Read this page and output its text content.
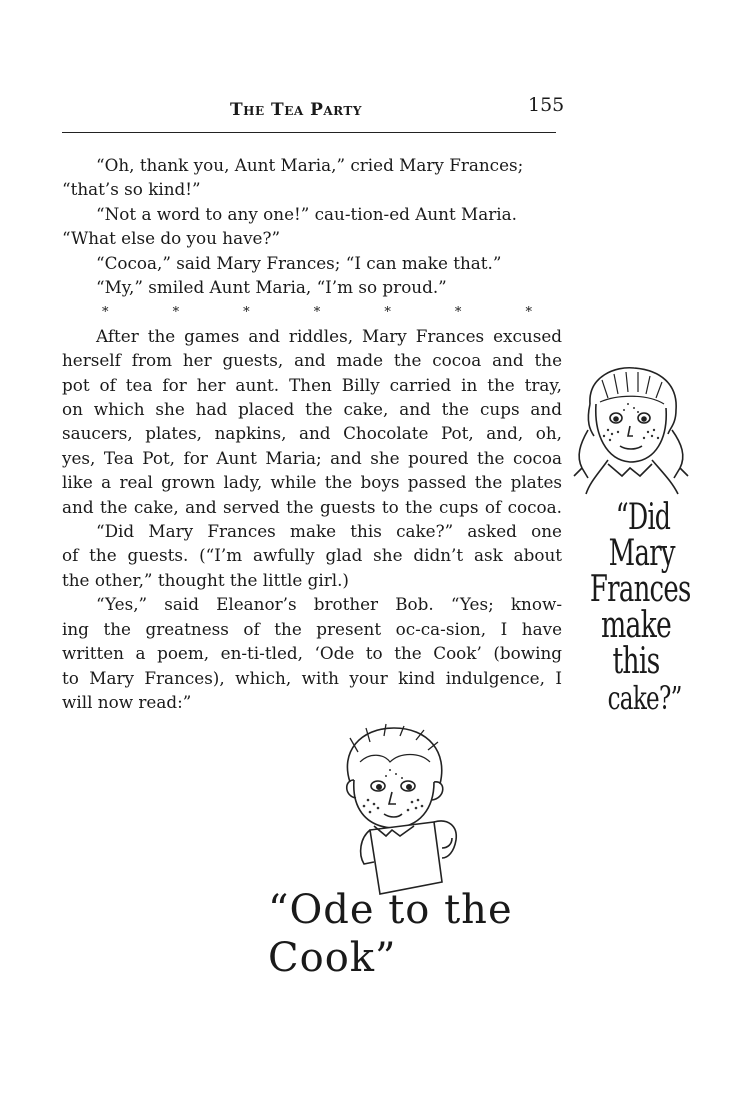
The Tea Party	155
“Oh, thank you, Aunt Maria,” cried Mary Frances;
“that’s so kind!”
“Not a word to any one!” cau-tion-ed Aunt Maria.
“What else do you have?”
“Cocoa,” said Mary Frances; “I can make that.”
“My,” smiled Aunt Maria, “I’m so proud.”
*	*	*	*	*	*	*
After the games and riddles, Mary Frances excused
herself from her guests, and made the cocoa and the
pot of tea for her aunt. Then Billy carried in the tray,
on which she had placed the cake, and the cups and
saucers, plates, napkins, and Chocolate Pot, and, oh,
yes, Tea Pot, for Aunt Maria; and she poured the cocoa
like a real grown lady, while the boys passed the plates
and the cake, and served the guests to the cups of cocoa.
“Did Mary Frances make this cake?” asked one
of the guests. (“I’m awfully glad she didn’t ask about
the other,” thought the little girl.)
“Yes,” said Eleanor’s brother Bob. “Yes; know-
ing the greatness of the present oc-ca-sion, I have
written a poem, en-ti-tled, ‘Ode to the Cook’ (bowing
to Mary Frances), which, with your kind indulgence, I
will now read:”
“Did
Mary
Frances
make this
cake?”
“Ode to the Cook”
